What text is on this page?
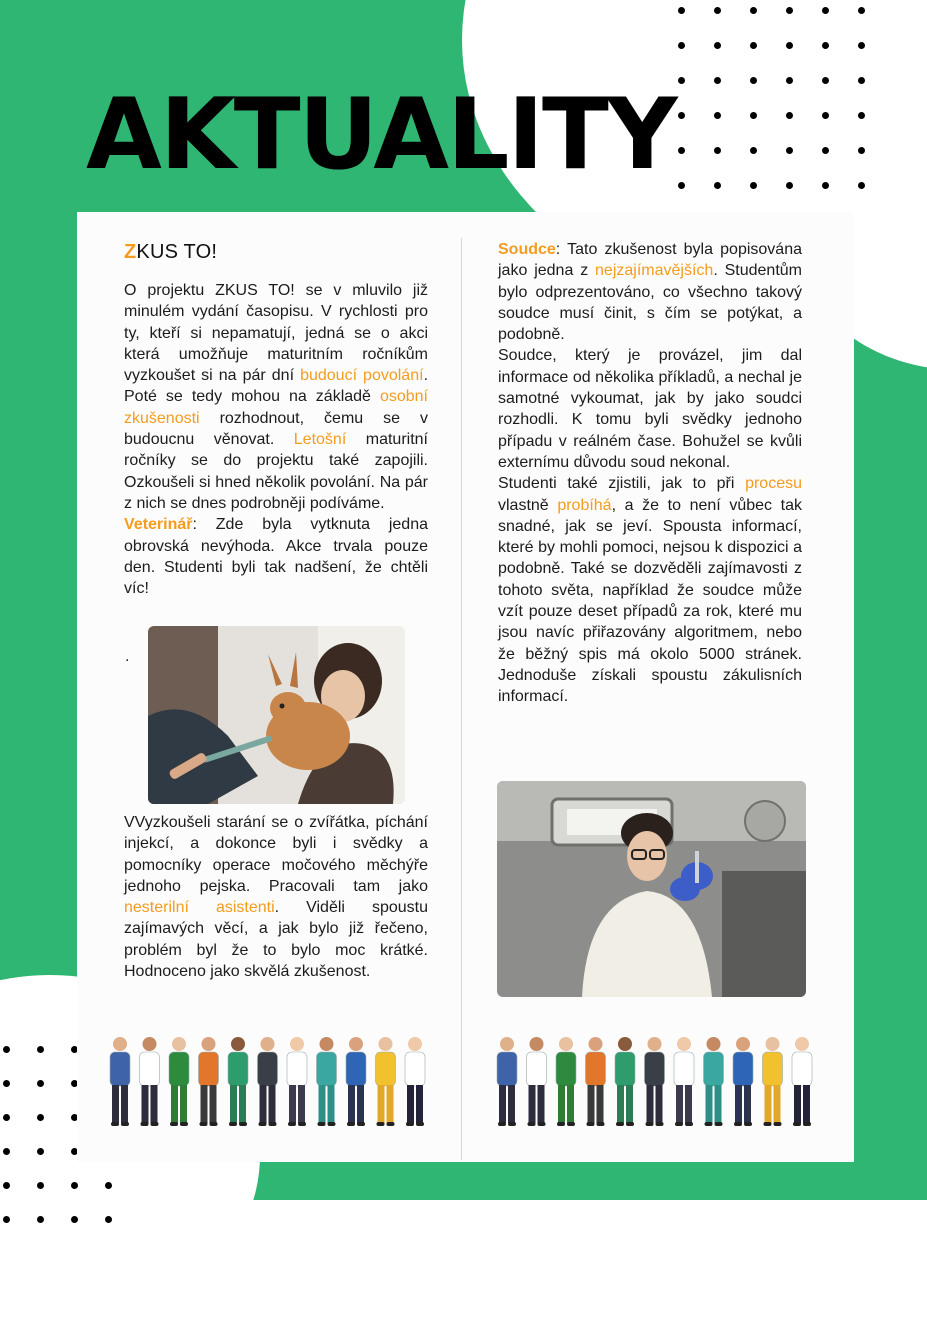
AKTUALITY
ZKUS TO!

O projektu ZKUS TO! se v mluvilo již minulém vydání časopisu. V rychlosti pro ty, kteří si nepamatují, jedná se o akci která umožňuje maturitním ročníkům vyzkoušet si na pár dní budoucí povolání. Poté se tedy mohou na základě osobní zkušenosti rozhodnout, čemu se v budoucnu věnovat. Letošní maturitní ročníky se do projektu také zapojili. Ozkoušeli si hned několik povolání. Na pár z nich se dnes podrobněji podíváme.

Veterinář: Zde byla vytknuta jedna obrovská nevýhoda. Akce trvala pouze den. Studenti byli tak nadšení, že chtěli víc!

.

VVyzkoušeli starání se o zvířátka, píchání injekcí, a dokonce byli i svědky a pomocníky operace močového měchýře jednoho pejska. Pracovali tam jako nesterilní asistenti. Viděli spoustu zajímavých věcí, a jak bylo již řečeno, problém byl že to bylo moc krátké. Hodnoceno jako skvělá zkušenost.

Soudce: Tato zkušenost byla popisována jako jedna z nejzajímavějších. Studentům bylo odprezentováno, co všechno takový soudce musí činit, s čím se potýkat, a podobně.

Soudce, který je provázel, jim dal informace od několika příkladů, a nechal je samotné vykoumat, jak by jako soudci rozhodli. K tomu byli svědky jednoho případu v reálném čase. Bohužel se kvůli externímu důvodu soud nekonal.

Studenti také zjistili, jak to při procesu vlastně probíhá, a že to není vůbec tak snadné, jak se jeví. Spousta informací, které by mohli pomoci, nejsou k dispozici a podobně. Také se dozvěděli zajímavosti z tohoto světa, například že soudce může vzít pouze deset případů za rok, které mu jsou navíc přiřazovány algoritmem, nebo že běžný spis má okolo 5000 stránek. Jednoduše získali spoustu zákulisních informací.
